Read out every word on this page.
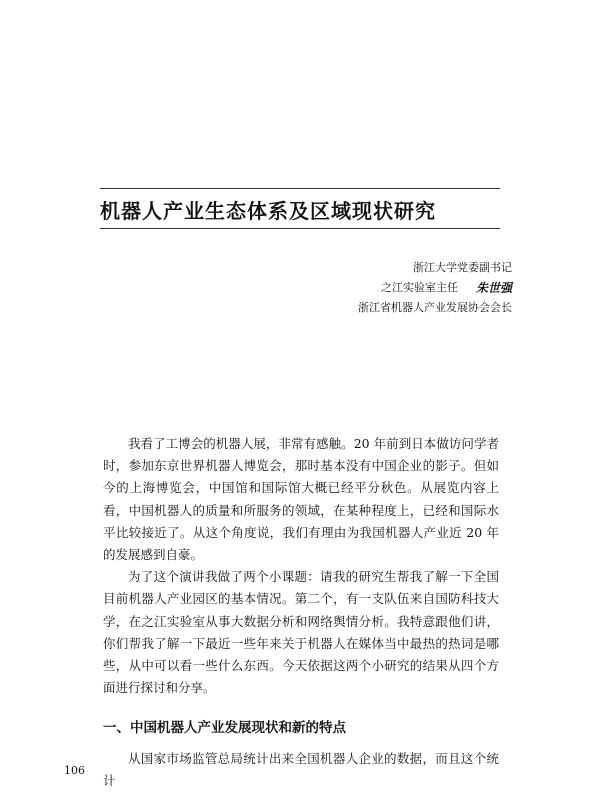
机器人产业生态体系及区域现状研究
浙江大学党委副书记
之江实验室主任 朱世强
浙江省机器人产业发展协会会长

我看了工博会的机器人展，非常有感触。20 年前到日本做访问学者时，参加东京世界机器人博览会，那时基本没有中国企业的影子。但如今的上海博览会，中国馆和国际馆大概已经平分秋色。从展览内容上看，中国机器人的质量和所服务的领域，在某种程度上，已经和国际水平比较接近了。从这个角度说，我们有理由为我国机器人产业近 20 年的发展感到自豪。

为了这个演讲我做了两个小课题：请我的研究生帮我了解一下全国目前机器人产业园区的基本情况。第二个，有一支队伍来自国防科技大学，在之江实验室从事大数据分析和网络舆情分析。我特意跟他们讲，你们帮我了解一下最近一些年来关于机器人在媒体当中最热的热词是哪些，从中可以看一些什么东西。今天依据这两个小研究的结果从四个方面进行探讨和分享。

一、中国机器人产业发展现状和新的特点

从国家市场监管总局统计出来全国机器人企业的数据，而且这个统计

106
